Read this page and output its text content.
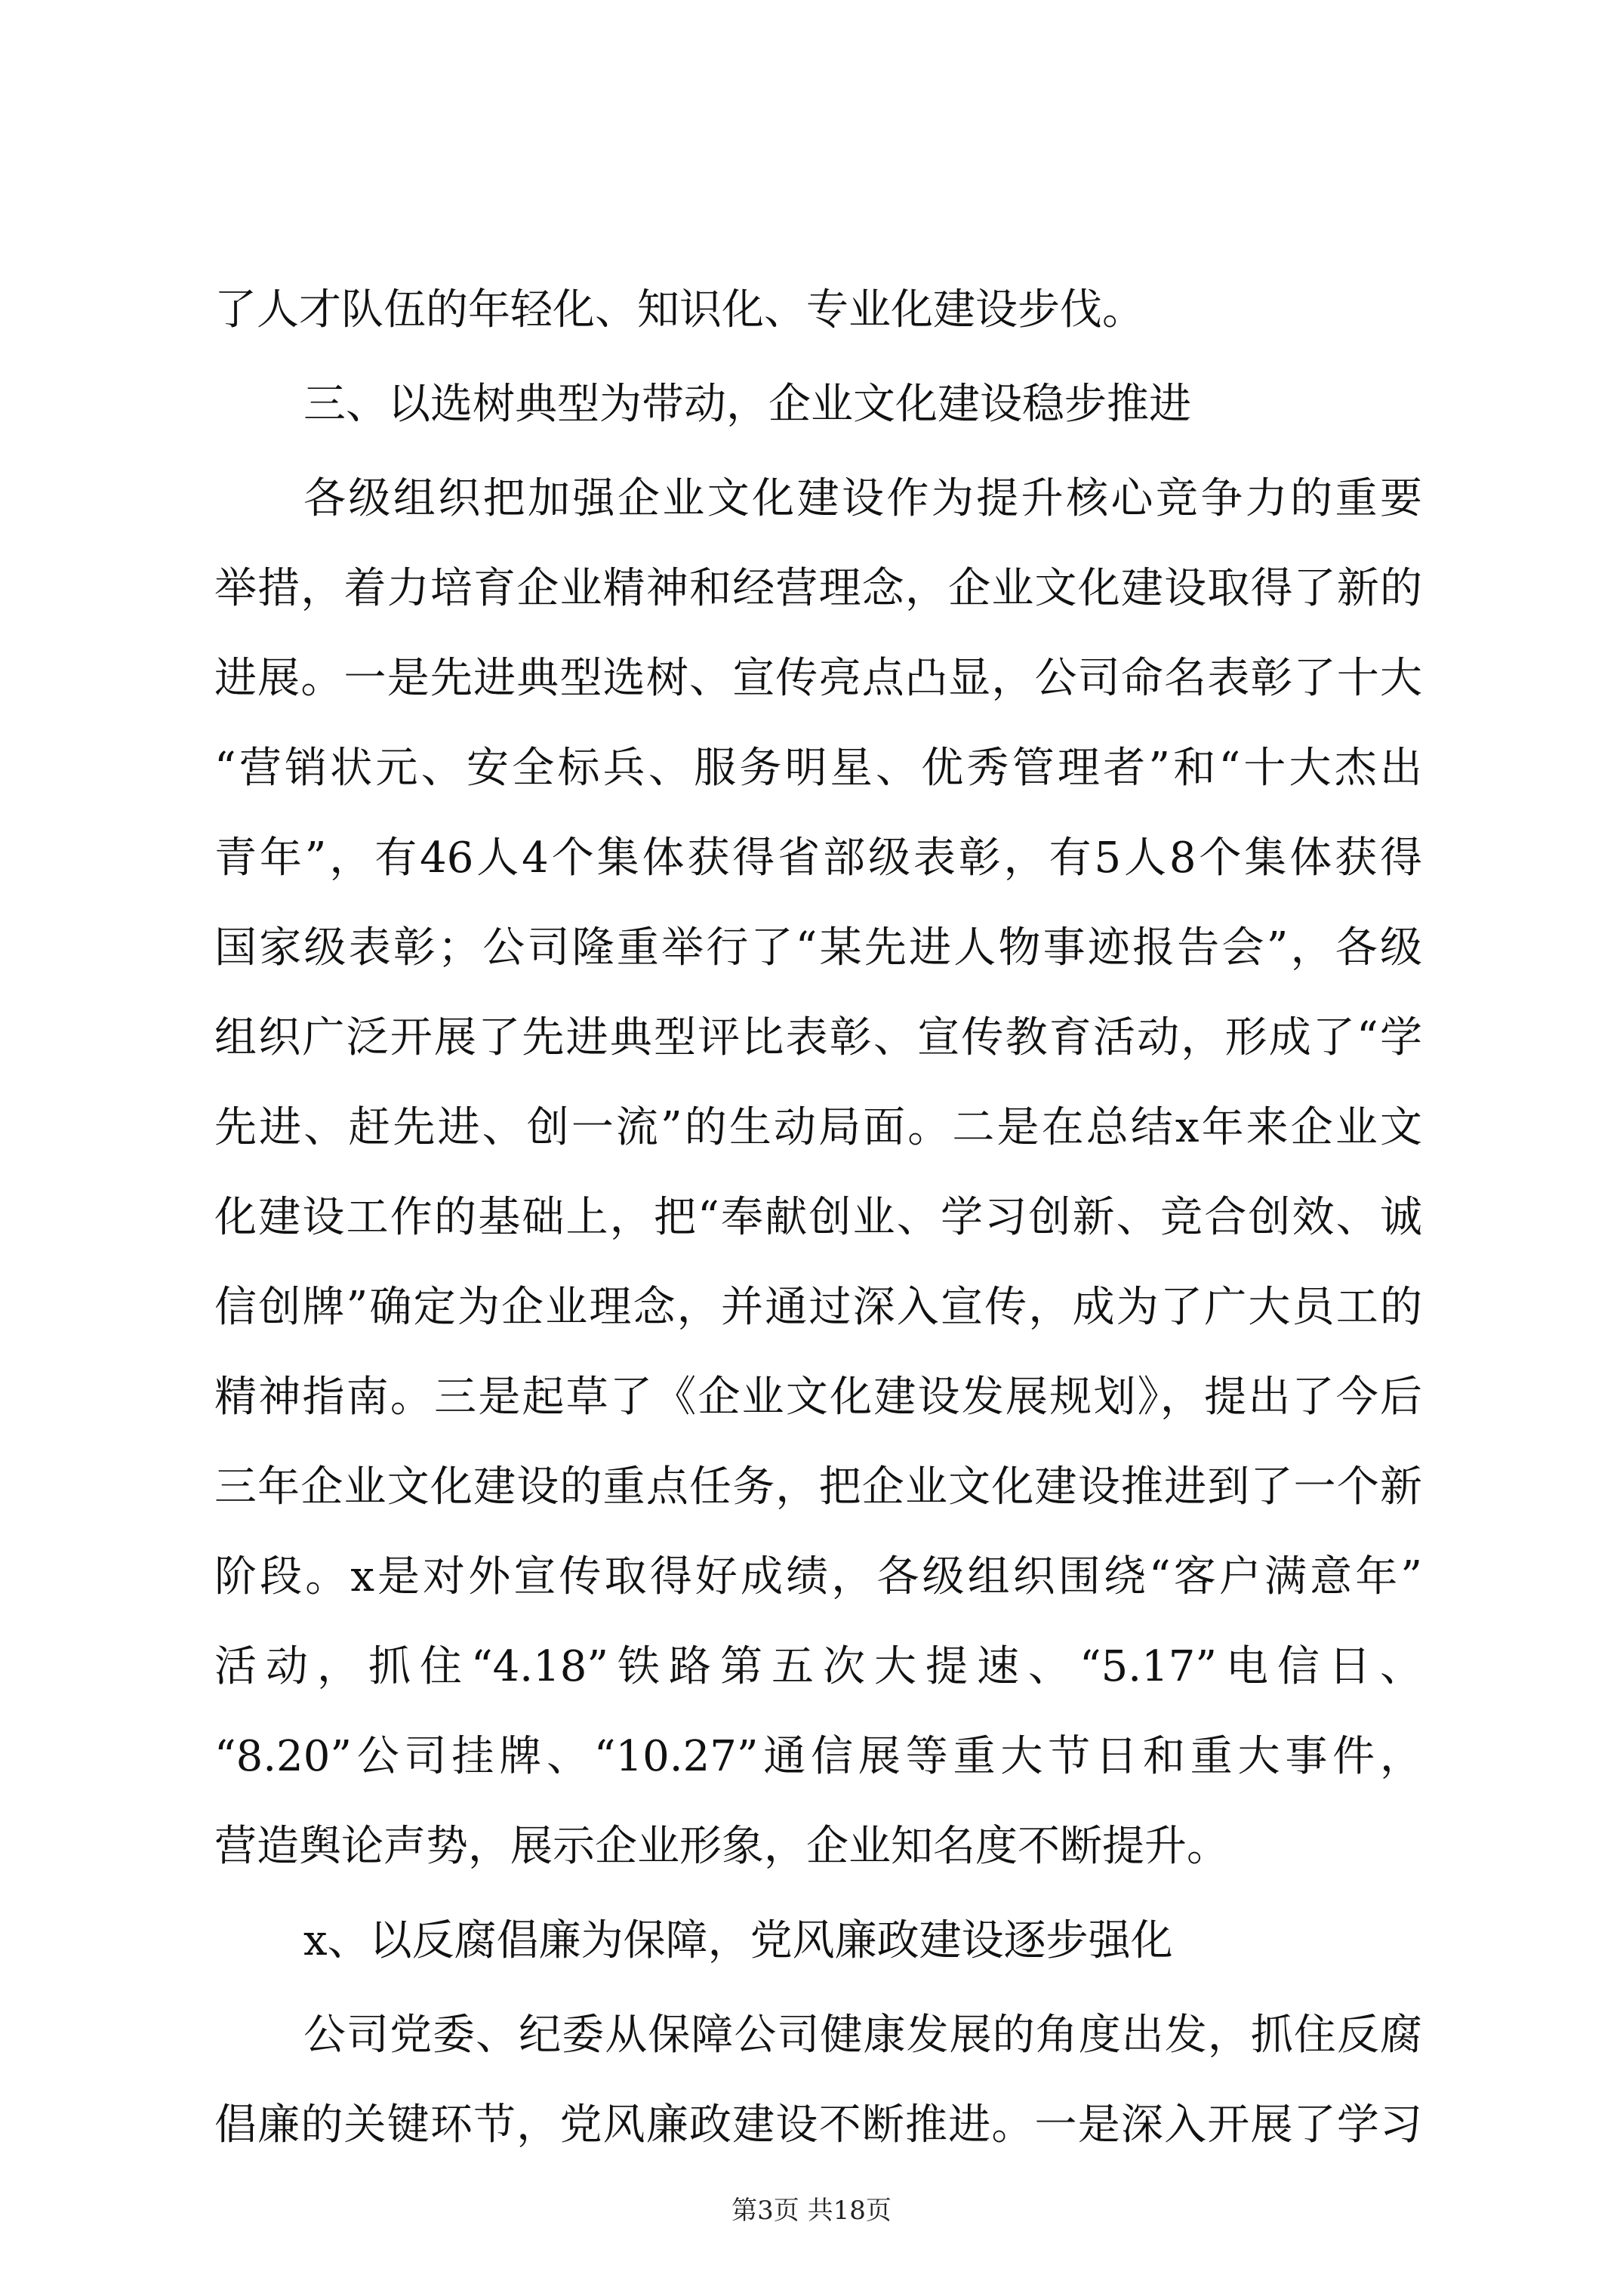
了人才队伍的年轻化、知识化、专业化建设步伐。

三、以选树典型为带动，企业文化建设稳步推进

各级组织把加强企业文化建设作为提升核心竞争力的重要

举措，着力培育企业精神和经营理念，企业文化建设取得了新的

进展。一是先进典型选树、宣传亮点凸显，公司命名表彰了十大

“营销状元、安全标兵、服务明星、优秀管理者”和“十大杰出

青年”，有46人4个集体获得省部级表彰，有5人8个集体获得

国家级表彰；公司隆重举行了“某先进人物事迹报告会”，各级

组织广泛开展了先进典型评比表彰、宣传教育活动，形成了“学

先进、赶先进、创一流”的生动局面。二是在总结x年来企业文

化建设工作的基础上，把“奉献创业、学习创新、竞合创效、诚

信创牌”确定为企业理念，并通过深入宣传，成为了广大员工的

精神指南。三是起草了《企业文化建设发展规划》，提出了今后

三年企业文化建设的重点任务，把企业文化建设推进到了一个新

阶段。x是对外宣传取得好成绩，各级组织围绕“客户满意年”

活动，抓住“4.18”铁路第五次大提速、“5.17”电信日、

“8.20”公司挂牌、“10.27”通信展等重大节日和重大事件，

营造舆论声势，展示企业形象，企业知名度不断提升。

x、以反腐倡廉为保障，党风廉政建设逐步强化

公司党委、纪委从保障公司健康发展的角度出发，抓住反腐

倡廉的关键环节，党风廉政建设不断推进。一是深入开展了学习

第3页 共18页
